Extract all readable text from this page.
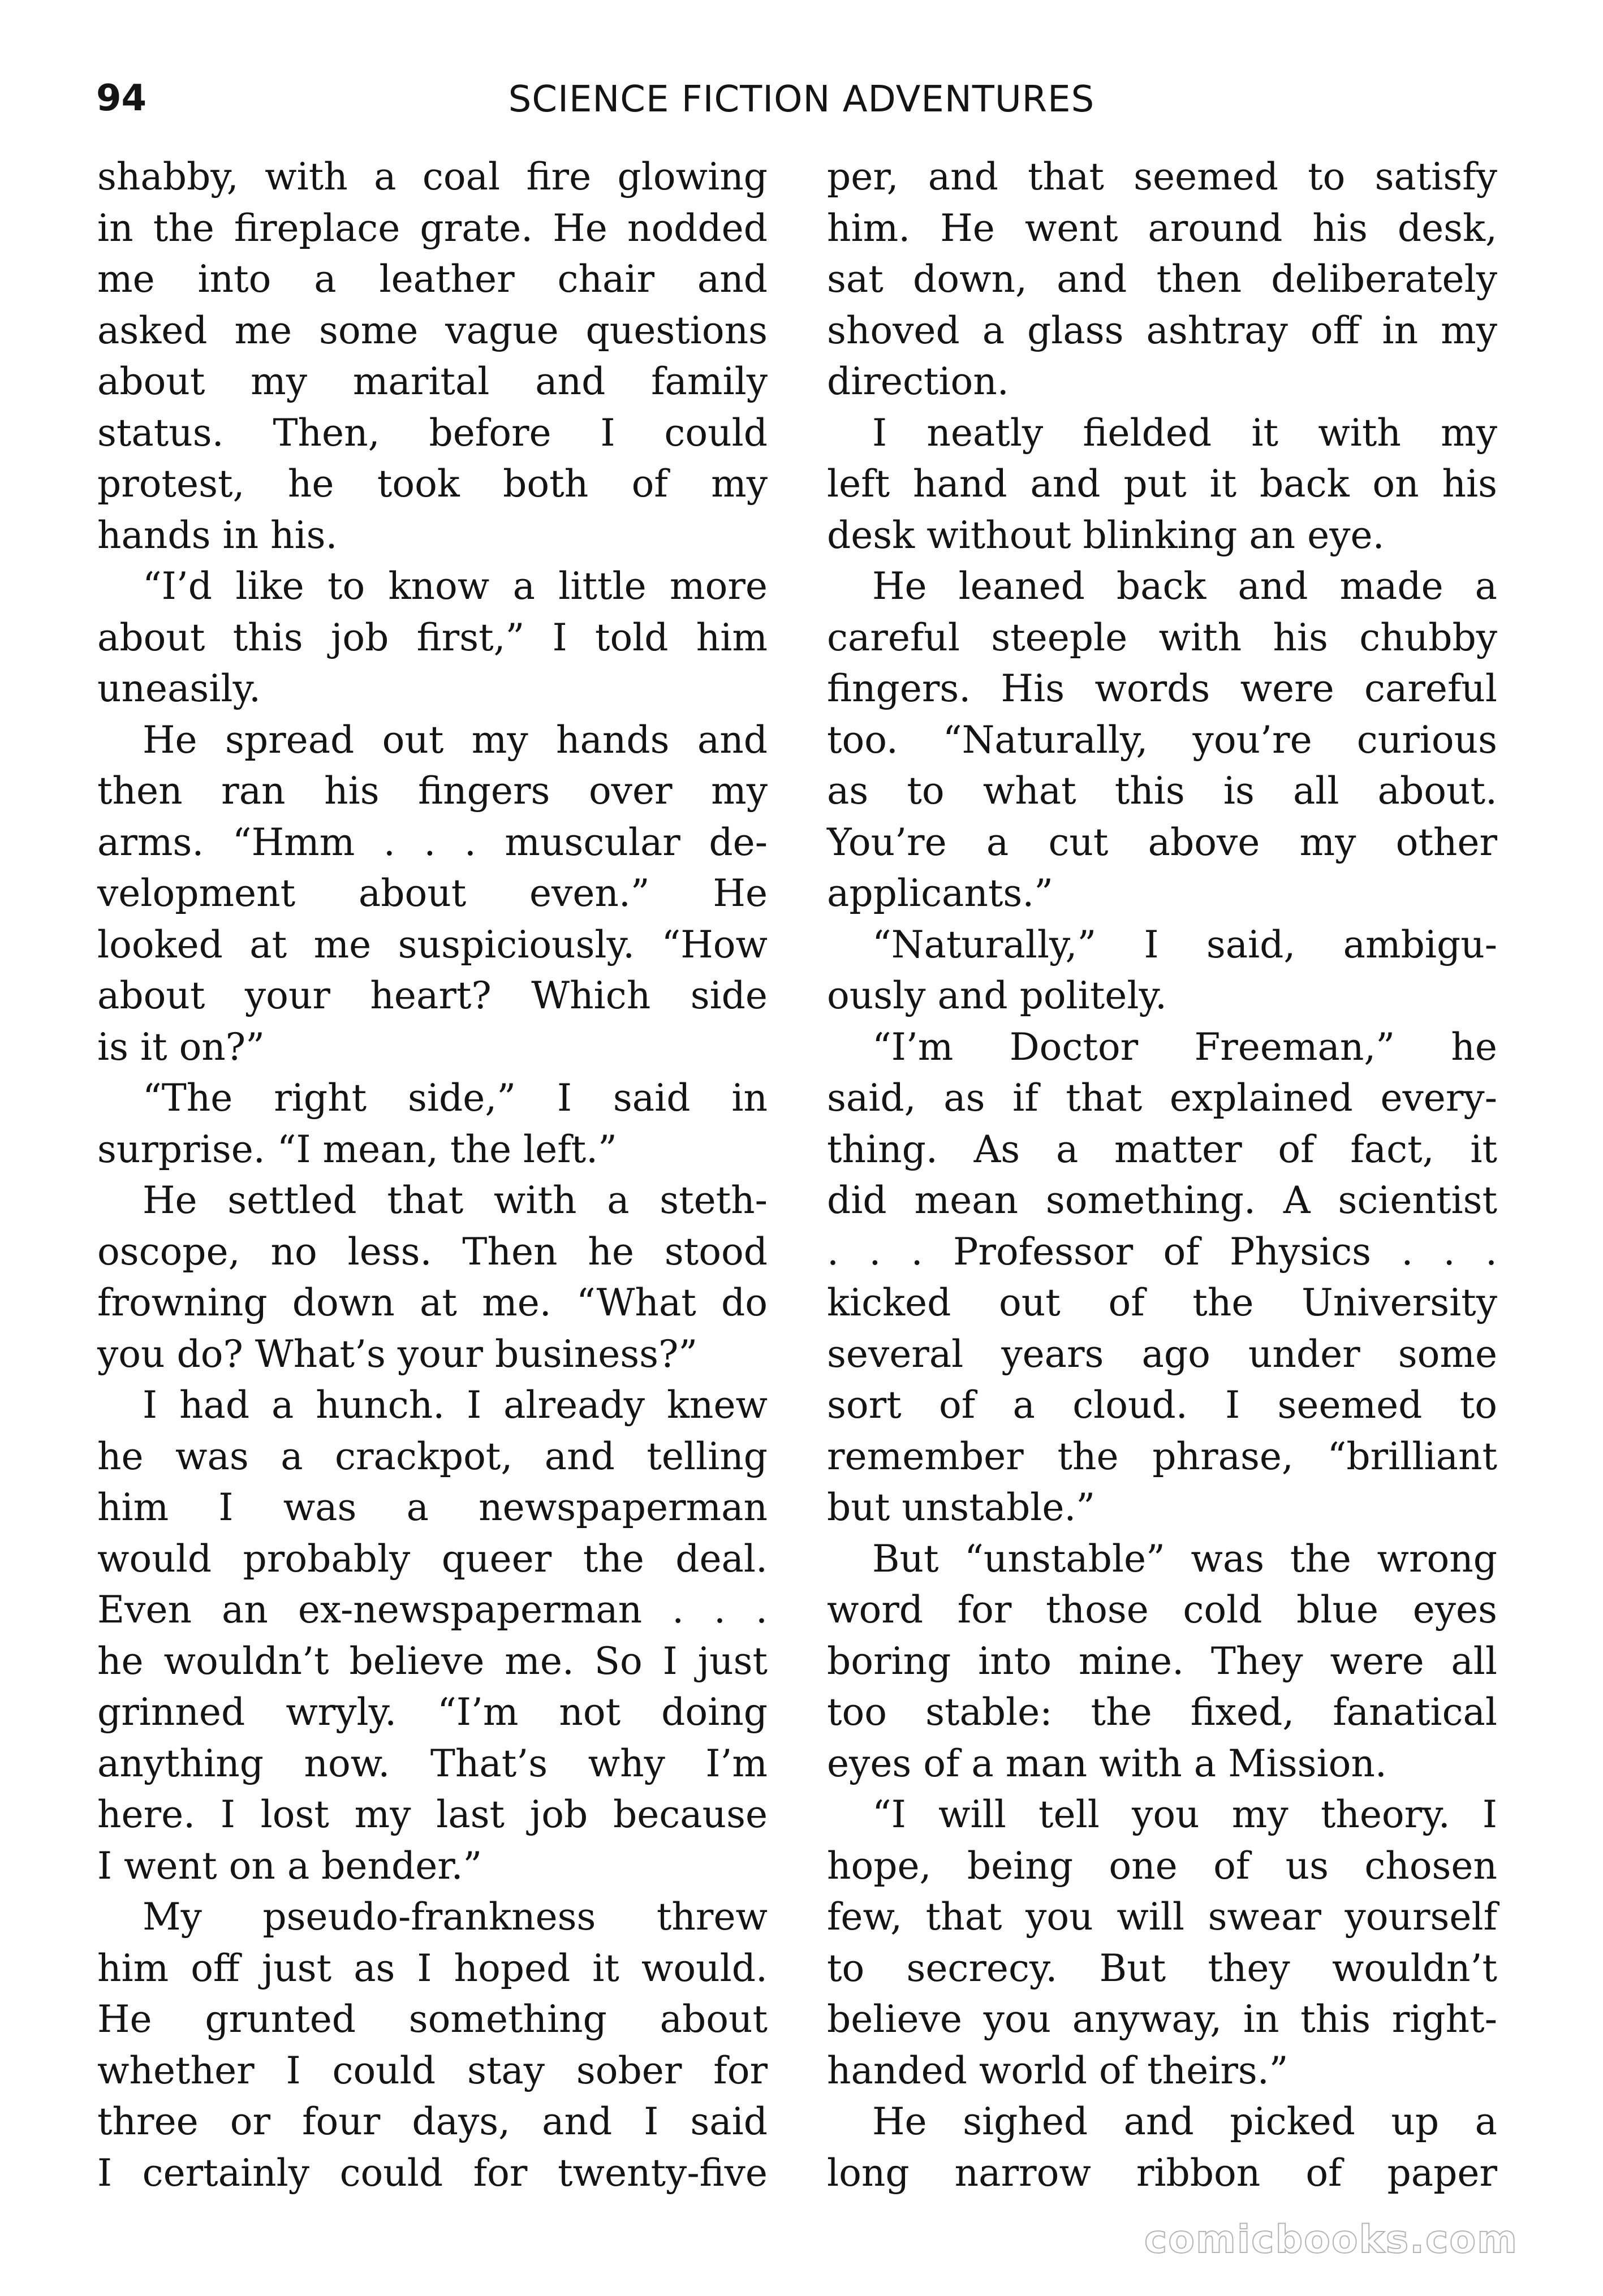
94	SCIENCE FICTION ADVENTURES
shabby, with a coal fire glowing
in the fireplace grate. He nodded
me into a leather chair and
asked me some vague questions
about my marital and family
status. Then, before I could
protest, he took both of my
hands in his.
“I’d like to know a little more
about this job first,” I told him
uneasily.
He spread out my hands and
then ran his fingers over my
arms. “Hmm . . . muscular de-
velopment about even.” He
looked at me suspiciously. “How
about your heart? Which side
is it on?”
“The right side,” I said in
surprise. “I mean, the left.”
He settled that with a steth-
oscope, no less. Then he stood
frowning down at me. “What do
you do? What’s your business?”
I had a hunch. I already knew
he was a crackpot, and telling
him I was a newspaperman
would probably queer the deal.
Even an ex-newspaperman . . .
he wouldn’t believe me. So I just
grinned wryly. “I’m not doing
anything now. That’s why I’m
here. I lost my last job because
I went on a bender.”
My pseudo-frankness threw
him off just as I hoped it would.
He grunted something about
whether I could stay sober for
three or four days, and I said
I certainly could for twenty-five
per, and that seemed to satisfy
him. He went around his desk,
sat down, and then deliberately
shoved a glass ashtray off in my
direction.
I neatly fielded it with my
left hand and put it back on his
desk without blinking an eye.
He leaned back and made a
careful steeple with his chubby
fingers. His words were careful
too. “Naturally, you’re curious
as to what this is all about.
You’re a cut above my other
applicants.”
“Naturally,” I said, ambigu-
ously and politely.
“I’m Doctor Freeman,” he
said, as if that explained every-
thing. As a matter of fact, it
did mean something. A scientist
. . . Professor of Physics . . .
kicked out of the University
several years ago under some
sort of a cloud. I seemed to
remember the phrase, “brilliant
but unstable.”
But “unstable” was the wrong
word for those cold blue eyes
boring into mine. They were all
too stable: the fixed, fanatical
eyes of a man with a Mission.
“I will tell you my theory. I
hope, being one of us chosen
few, that you will swear yourself
to secrecy. But they wouldn’t
believe you anyway, in this right-
handed world of theirs.”
He sighed and picked up a
long narrow ribbon of paper
comicbooks.com
